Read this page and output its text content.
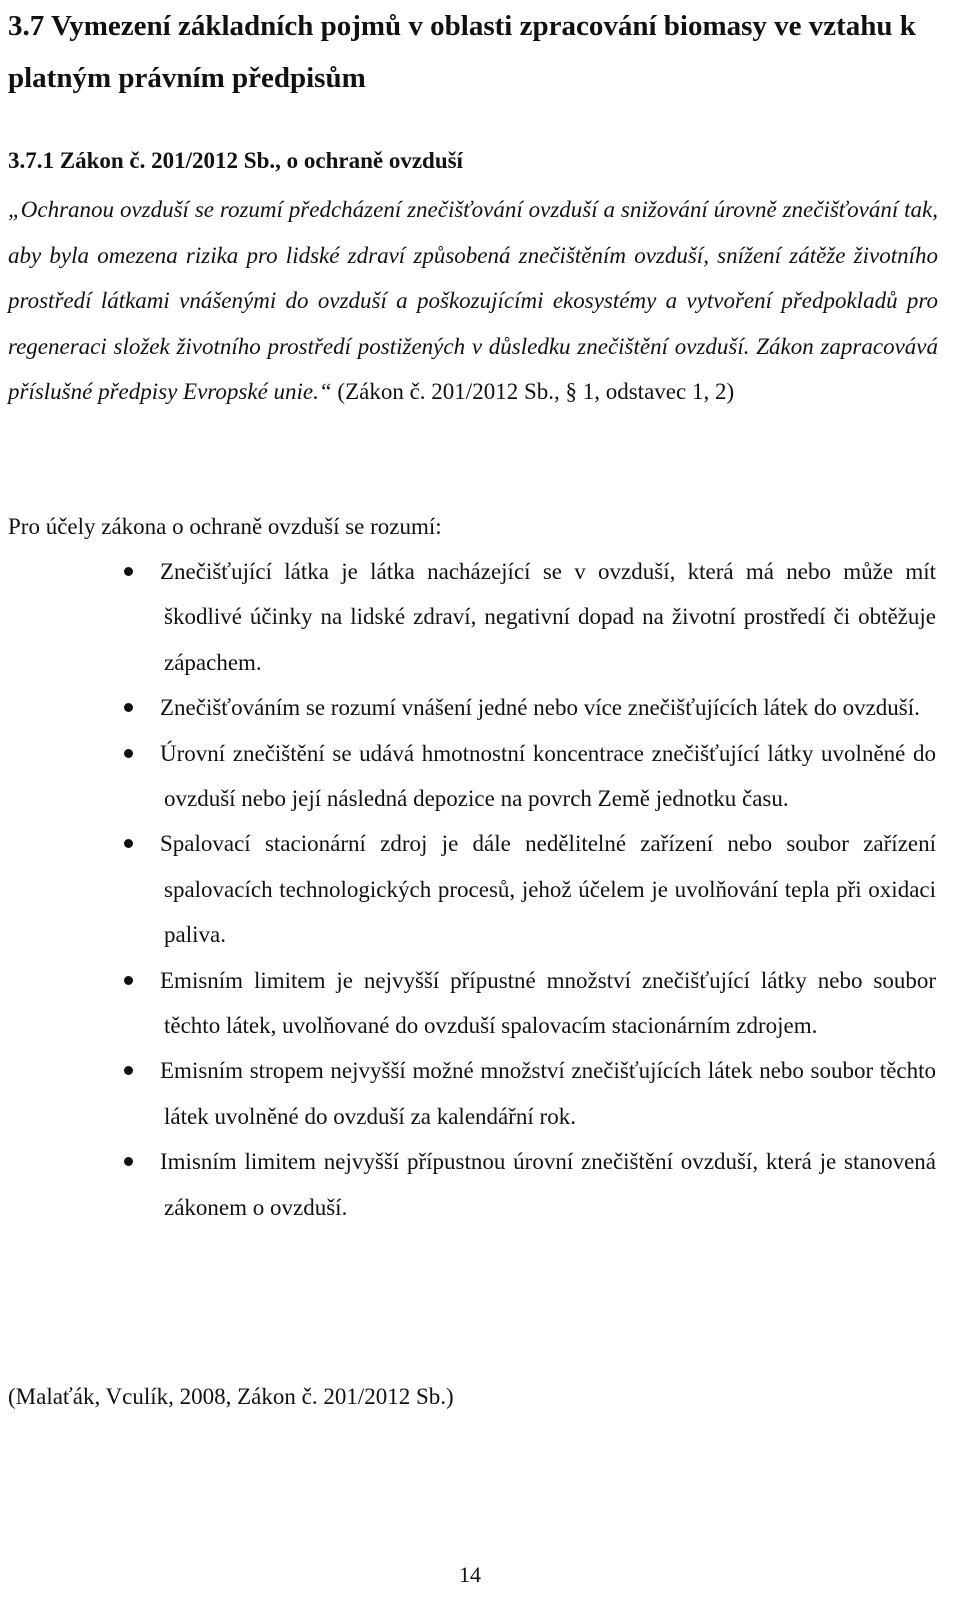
3.7 Vymezení základních pojmů v oblasti zpracování biomasy ve vztahu k platným právním předpisům
3.7.1 Zákon č. 201/2012 Sb., o ochraně ovzduší

„Ochranou ovzduší se rozumí předcházení znečišťování ovzduší a snižování úrovně znečišťování tak, aby byla omezena rizika pro lidské zdraví způsobená znečištěním ovzduší, snížení zátěže životního prostředí látkami vnášenými do ovzduší a poškozujícími ekosystémy a vytvoření předpokladů pro regeneraci složek životního prostředí postižených v důsledku znečištění ovzduší. Zákon zapracovává příslušné předpisy Evropské unie.“ (Zákon č. 201/2012 Sb., § 1, odstavec 1, 2)

Pro účely zákona o ochraně ovzduší se rozumí:

Znečišťující látka je látka nacházející se v ovzduší, která má nebo může mít škodlivé účinky na lidské zdraví, negativní dopad na životní prostředí či obtěžuje zápachem.
Znečišťováním se rozumí vnášení jedné nebo více znečišťujících látek do ovzduší.
Úrovní znečištění se udává hmotnostní koncentrace znečišťující látky uvolněné do ovzduší nebo její následná depozice na povrch Země jednotku času.
Spalovací stacionární zdroj je dále nedělitelné zařízení nebo soubor zařízení spalovacích technologických procesů, jehož účelem je uvolňování tepla při oxidaci paliva.
Emisním limitem je nejvyšší přípustné množství znečišťující látky nebo soubor těchto látek, uvolňované do ovzduší spalovacím stacionárním zdrojem.
Emisním stropem nejvyšší možné množství znečišťujících látek nebo soubor těchto látek uvolněné do ovzduší za kalendářní rok.
Imisním limitem nejvyšší přípustnou úrovní znečištění ovzduší, která je stanovená zákonem o ovzduší.

(Malaťák, Vculík, 2008, Zákon č. 201/2012 Sb.)

14
